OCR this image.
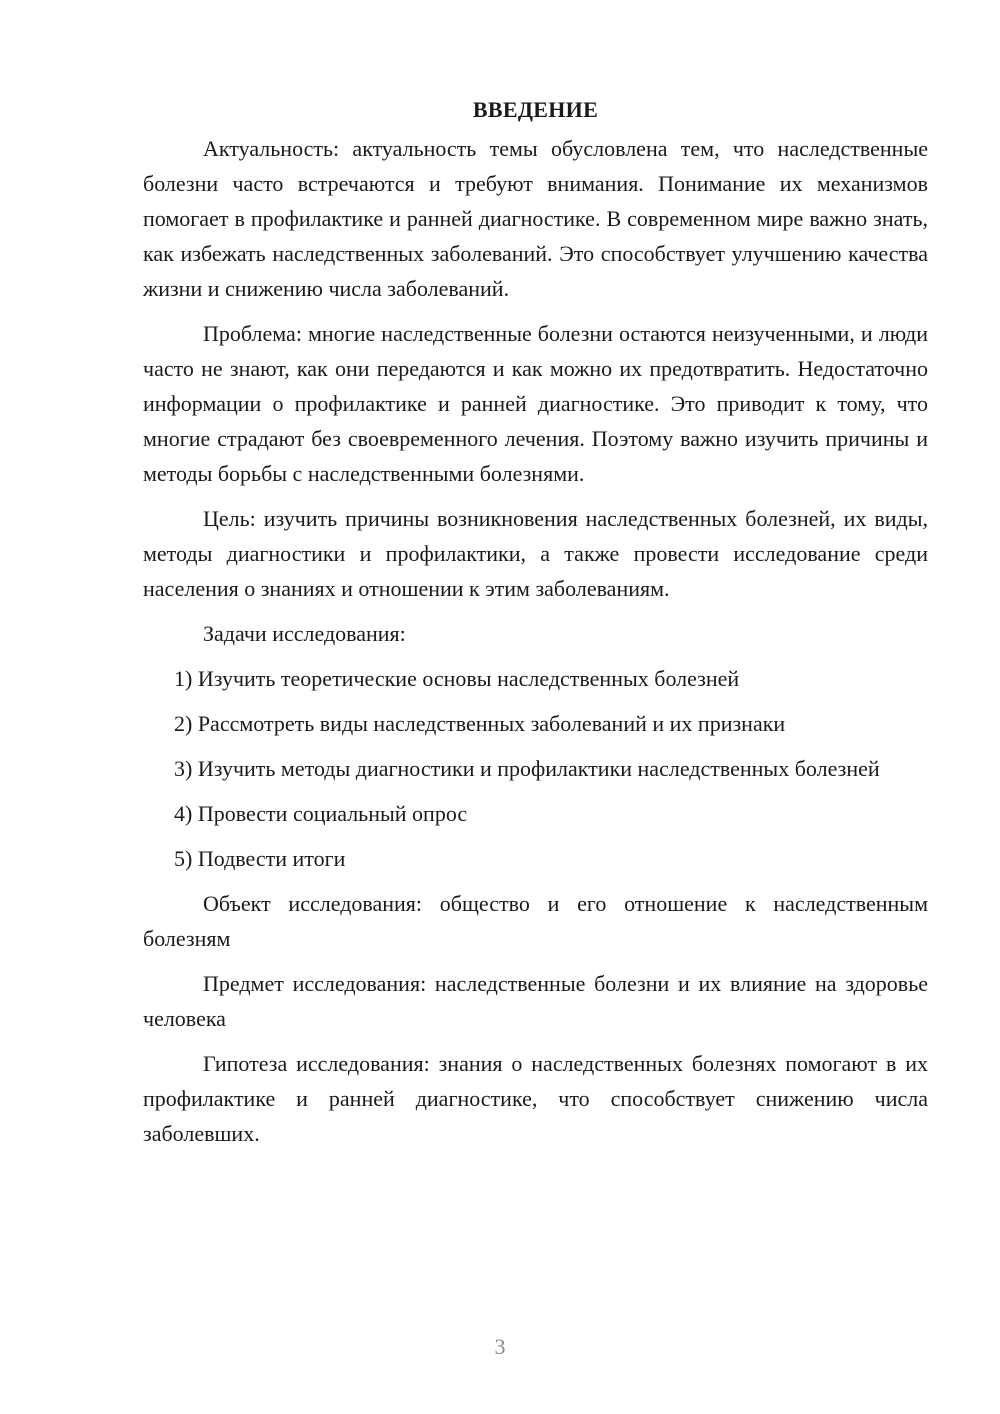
ВВЕДЕНИЕ

Актуальность: актуальность темы обусловлена тем, что наследственные болезни часто встречаются и требуют внимания. Понимание их механизмов помогает в профилактике и ранней диагностике. В современном мире важно знать, как избежать наследственных заболеваний. Это способствует улучшению качества жизни и снижению числа заболеваний.

Проблема: многие наследственные болезни остаются неизученными, и люди часто не знают, как они передаются и как можно их предотвратить. Недостаточно информации о профилактике и ранней диагностике. Это приводит к тому, что многие страдают без своевременного лечения. Поэтому важно изучить причины и методы борьбы с наследственными болезнями.

Цель: изучить причины возникновения наследственных болезней, их виды, методы диагностики и профилактики, а также провести исследование среди населения о знаниях и отношении к этим заболеваниям.

Задачи исследования:

1) Изучить теоретические основы наследственных болезней

2) Рассмотреть виды наследственных заболеваний и их признаки

3) Изучить методы диагностики и профилактики наследственных болезней

4) Провести социальный опрос

5) Подвести итоги

Объект исследования: общество и его отношение к наследственным болезням

Предмет исследования: наследственные болезни и их влияние на здоровье человека

Гипотеза исследования: знания о наследственных болезнях помогают в их профилактике и ранней диагностике, что способствует снижению числа заболевших.

3
